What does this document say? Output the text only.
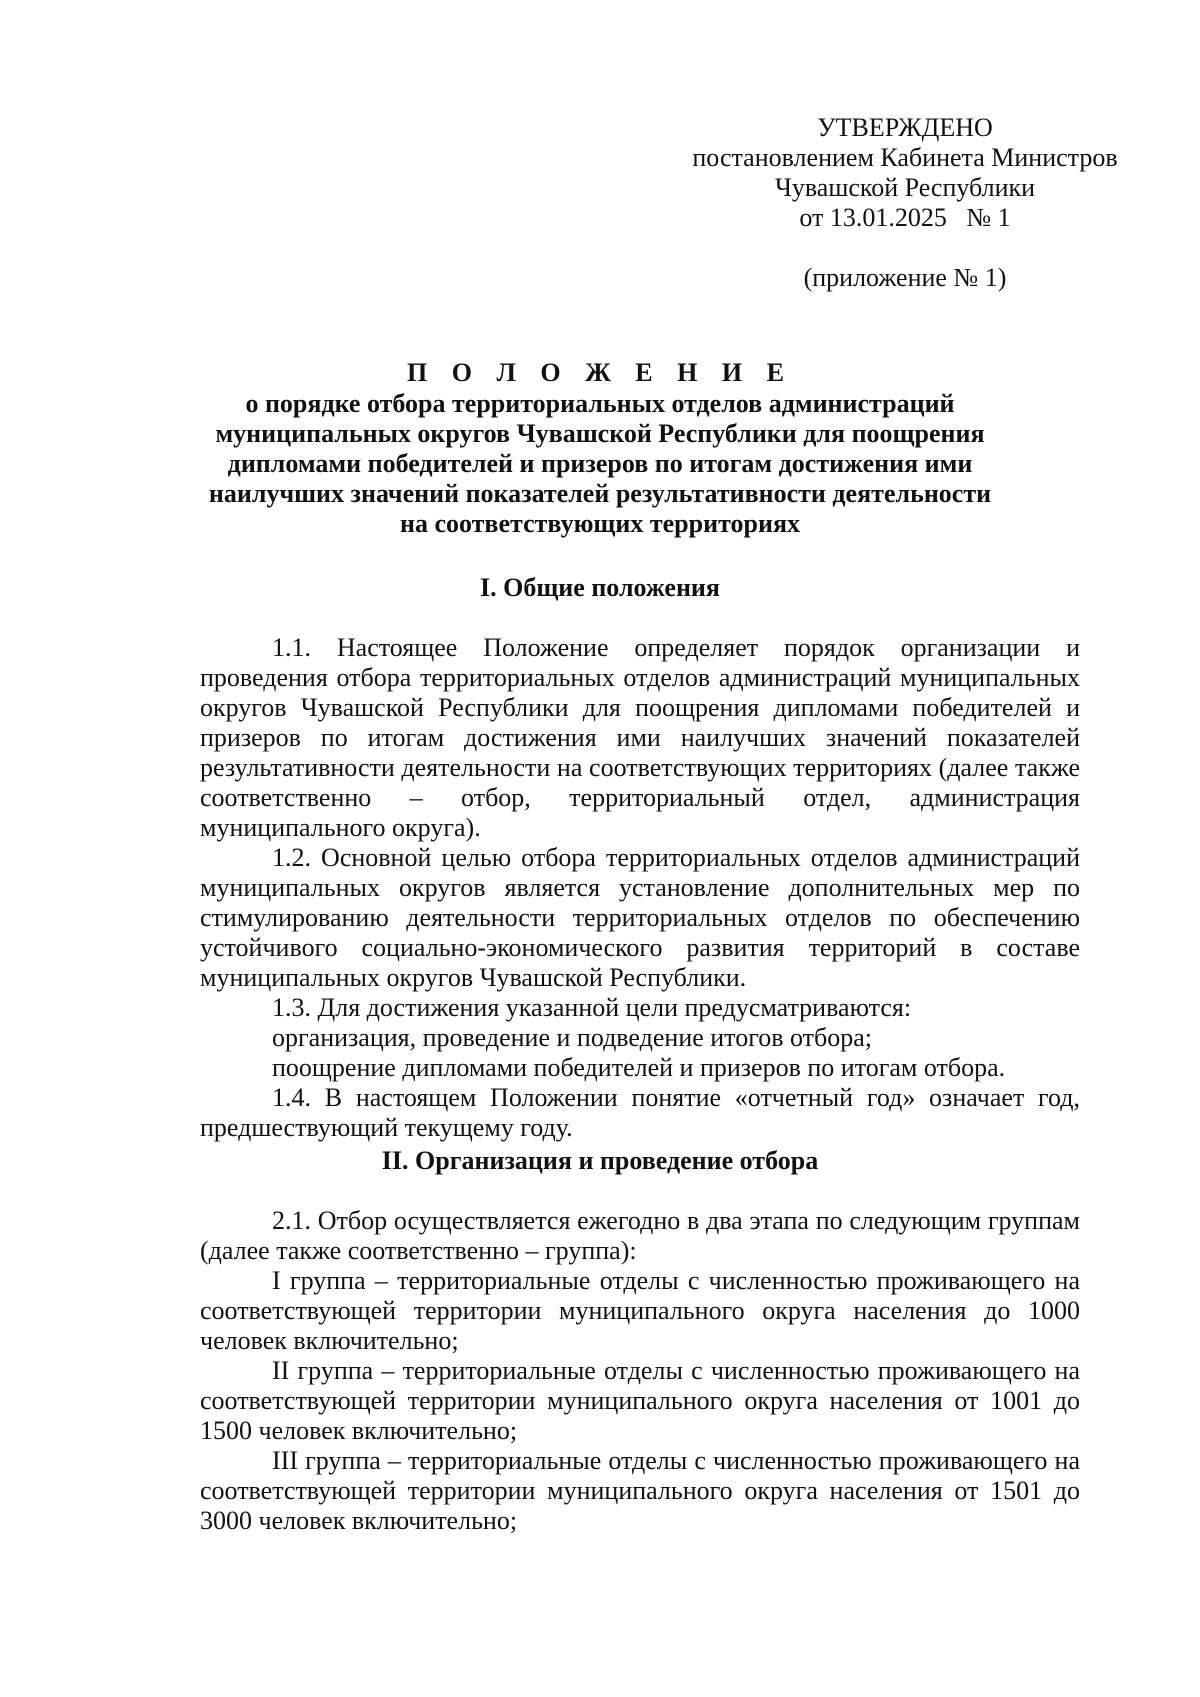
УТВЕРЖДЕНО
постановлением Кабинета Министров
Чувашской Республики
от 13.01.2025   № 1
(приложение № 1)
П О Л О Ж Е Н И Е
о порядке отбора территориальных отделов администраций
муниципальных округов Чувашской Республики для поощрения
дипломами победителей и призеров по итогам достижения ими
наилучших значений показателей результативности деятельности
на соответствующих территориях
I. Общие положения

1.1. Настоящее Положение определяет порядок организации и проведения отбора территориальных отделов администраций муниципальных округов Чувашской Республики для поощрения дипломами победителей и призеров по итогам достижения ими наилучших значений показателей результативности деятельности на соответствующих территориях (далее также соответственно – отбор, территориальный отдел, администрация муниципального округа).

1.2. Основной целью отбора территориальных отделов администраций муниципальных округов является установление дополнительных мер по стимулированию деятельности территориальных отделов по обеспечению устойчивого социально-экономического развития территорий в составе муниципальных округов Чувашской Республики.

1.3. Для достижения указанной цели предусматриваются:

организация, проведение и подведение итогов отбора;

поощрение дипломами победителей и призеров по итогам отбора.

1.4. В настоящем Положении понятие «отчетный год» означает год, предшествующий текущему году.

II. Организация и проведение отбора

2.1. Отбор осуществляется ежегодно в два этапа по следующим группам (далее также соответственно – группа):

I группа – территориальные отделы с численностью проживающего на соответствующей территории муниципального округа населения до 1000 человек включительно;

II группа – территориальные отделы с численностью проживающего на соответствующей территории муниципального округа населения от 1001 до 1500 человек включительно;

III группа – территориальные отделы с численностью проживающего на соответствующей территории муниципального округа населения от 1501 до 3000 человек включительно;
